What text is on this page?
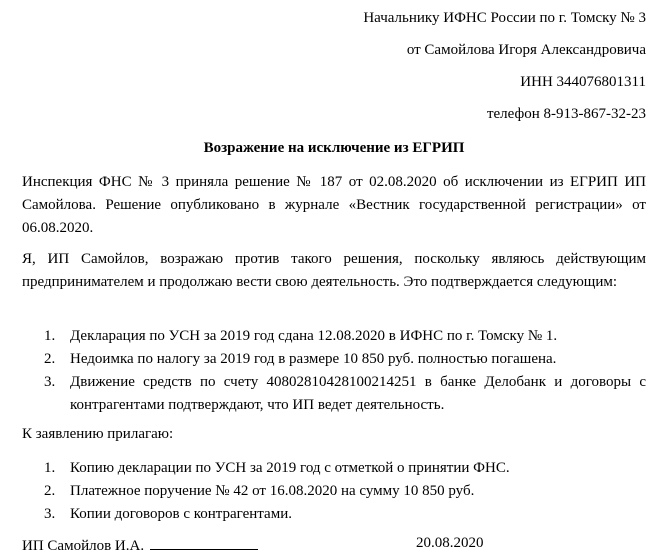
Начальнику ИФНС России по г. Томску № 3
от Самойлова Игоря Александровича
ИНН 344076801311
телефон 8-913-867-32-23
Возражение на исключение из ЕГРИП
Инспекция ФНС № 3 приняла решение № 187 от 02.08.2020 об исключении из ЕГРИП ИП Самойлова. Решение опубликовано в журнале «Вестник государственной регистрации» от 06.08.2020.
Я, ИП Самойлов, возражаю против такого решения, поскольку являюсь действующим предпринимателем и продолжаю вести свою деятельность. Это подтверждается следующим:
1. Декларация по УСН за 2019 год сдана 12.08.2020 в ИФНС по г. Томску № 1.
2. Недоимка по налогу за 2019 год в размере 10 850 руб. полностью погашена.
3. Движение средств по счету 40802810428100214251 в банке Делобанк и договоры с контрагентами подтверждают, что ИП ведет деятельность.
К заявлению прилагаю:
1. Копию декларации по УСН за 2019 год с отметкой о принятии ФНС.
2. Платежное поручение № 42 от 16.08.2020 на сумму 10 850 руб.
3. Копии договоров с контрагентами.
ИП Самойлов И.А.	20.08.2020
